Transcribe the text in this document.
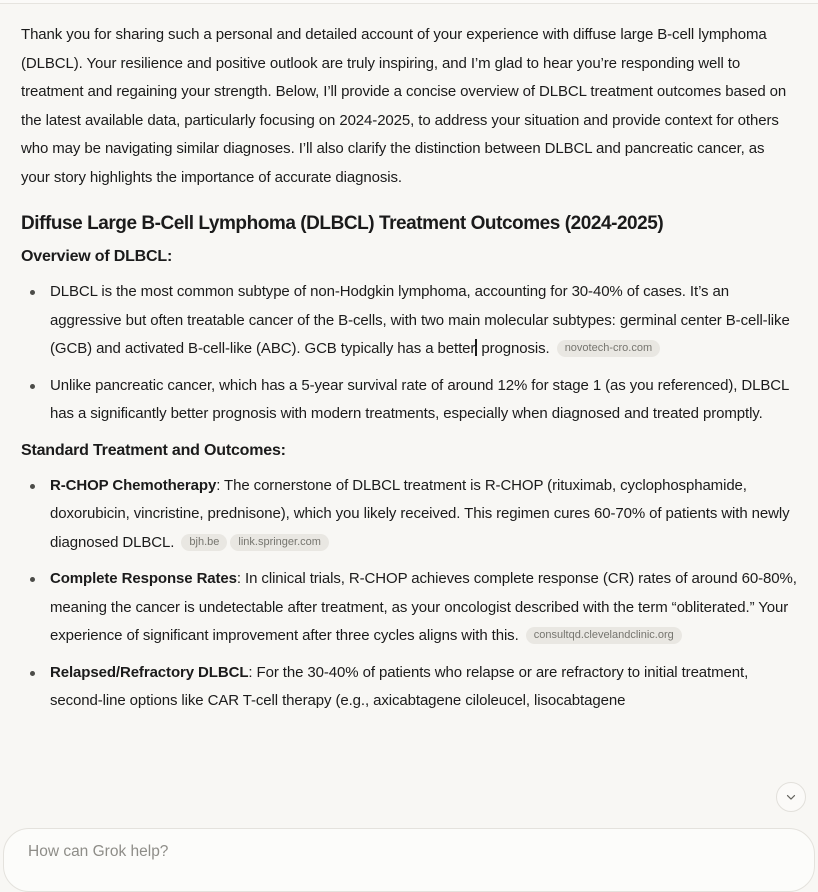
Thank you for sharing such a personal and detailed account of your experience with diffuse large B-cell lymphoma (DLBCL). Your resilience and positive outlook are truly inspiring, and I’m glad to hear you’re responding well to treatment and regaining your strength. Below, I’ll provide a concise overview of DLBCL treatment outcomes based on the latest available data, particularly focusing on 2024-2025, to address your situation and provide context for others who may be navigating similar diagnoses. I’ll also clarify the distinction between DLBCL and pancreatic cancer, as your story highlights the importance of accurate diagnosis.

Diffuse Large B-Cell Lymphoma (DLBCL) Treatment Outcomes (2024-2025)
Overview of DLBCL:
DLBCL is the most common subtype of non-Hodgkin lymphoma, accounting for 30-40% of cases. It’s an aggressive but often treatable cancer of the B-cells, with two main molecular subtypes: germinal center B-cell-like (GCB) and activated B-cell-like (ABC). GCB typically has a better prognosis. novotech-cro.com
Unlike pancreatic cancer, which has a 5-year survival rate of around 12% for stage 1 (as you referenced), DLBCL has a significantly better prognosis with modern treatments, especially when diagnosed and treated promptly.
Standard Treatment and Outcomes:
R-CHOP Chemotherapy: The cornerstone of DLBCL treatment is R-CHOP (rituximab, cyclophosphamide, doxorubicin, vincristine, prednisone), which you likely received. This regimen cures 60-70% of patients with newly diagnosed DLBCL. bjh.be link.springer.com
Complete Response Rates: In clinical trials, R-CHOP achieves complete response (CR) rates of around 60-80%, meaning the cancer is undetectable after treatment, as your oncologist described with the term “obliterated.” Your experience of significant improvement after three cycles aligns with this. consultqd.clevelandclinic.org
Relapsed/Refractory DLBCL: For the 30-40% of patients who relapse or are refractory to initial treatment, second-line options like CAR T-cell therapy (e.g., axicabtagene ciloleucel, lisocabtagene
How can Grok help?
